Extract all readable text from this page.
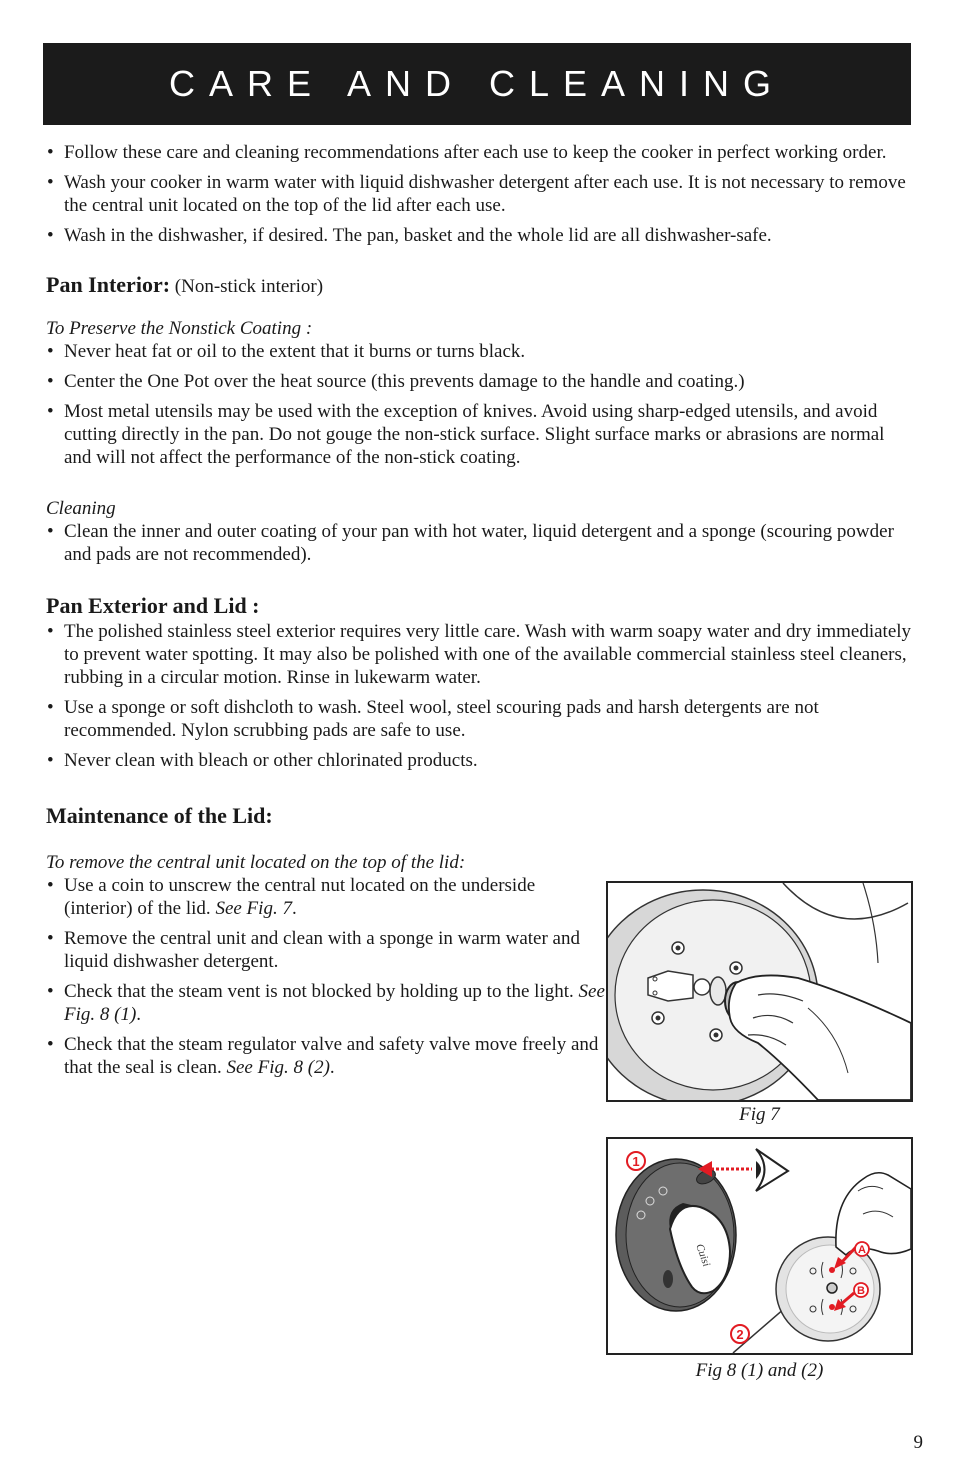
CARE AND CLEANING
• Follow these care and cleaning recommendations after each use to keep the cooker in perfect working order.
• Wash your cooker in warm water with liquid dishwasher detergent after each use. It is not necessary to remove the central unit located on the top of the lid after each use.
• Wash in the dishwasher, if desired. The pan, basket and the whole lid are all dishwasher-safe.
Pan Interior: (Non-stick interior)

To Preserve the Nonstick Coating :

• Never heat fat or oil to the extent that it burns or turns black.
• Center the One Pot over the heat source (this prevents damage to the handle and coating.)
• Most metal utensils may be used with the exception of knives. Avoid using sharp-edged utensils, and avoid cutting directly in the pan. Do not gouge the non-stick surface. Slight surface marks or abrasions are normal and will not affect the performance of the non-stick coating.

Cleaning

• Clean the inner and outer coating of your pan with hot water, liquid detergent and a sponge (scouring powder and pads are not recommended).
Pan Exterior and Lid :
• The polished stainless steel exterior requires very little care. Wash with warm soapy water and dry immediately to prevent water spotting. It may also be polished with one of the available commercial stainless steel cleaners, rubbing in a circular motion. Rinse in lukewarm water.
• Use a sponge or soft dishcloth to wash. Steel wool, steel scouring pads and harsh detergents are not recommended. Nylon scrubbing pads are safe to use.
• Never clean with bleach or other chlorinated products.
Maintenance of the Lid:

To remove the central unit located on the top of the lid:

• Use a coin to unscrew the central nut located on the underside (interior) of the lid. See Fig. 7.
• Remove the central unit and clean with a sponge in warm water and liquid dishwasher detergent.
• Check that the steam vent is not blocked by holding up to the light. See Fig. 8 (1).
• Check that the steam regulator valve and safety valve move freely and that the seal is clean. See Fig. 8 (2).
Fig 7
Cuisi
1
A
B
2
Fig 8 (1) and (2)
9
